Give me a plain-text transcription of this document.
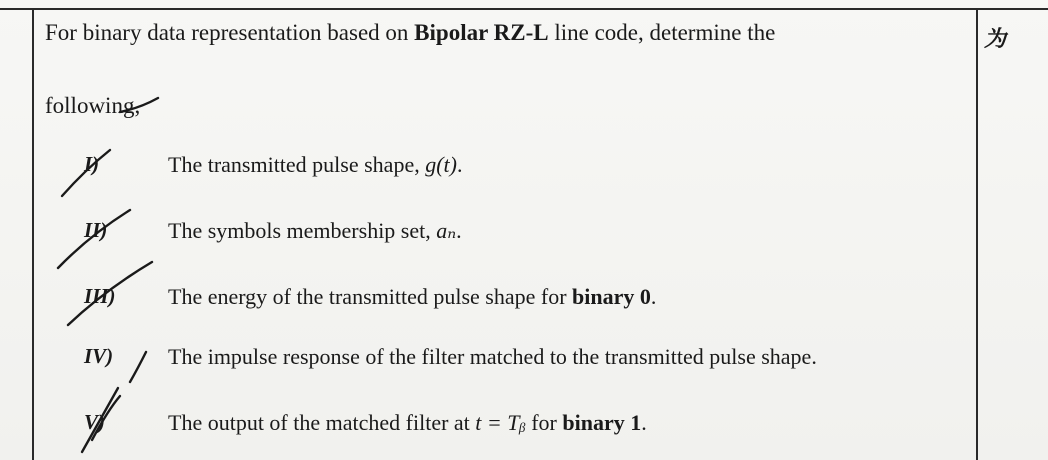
为
For binary data representation based on Bipolar RZ-L line code, determine the
following,
I)	The transmitted pulse shape, g(t).
II)	The symbols membership set, aₙ.
III) The energy of the transmitted pulse shape for binary 0.
IV) The impulse response of the filter matched to the transmitted pulse shape.
V)	The output of the matched filter at t = Tᵦ for binary 1.
